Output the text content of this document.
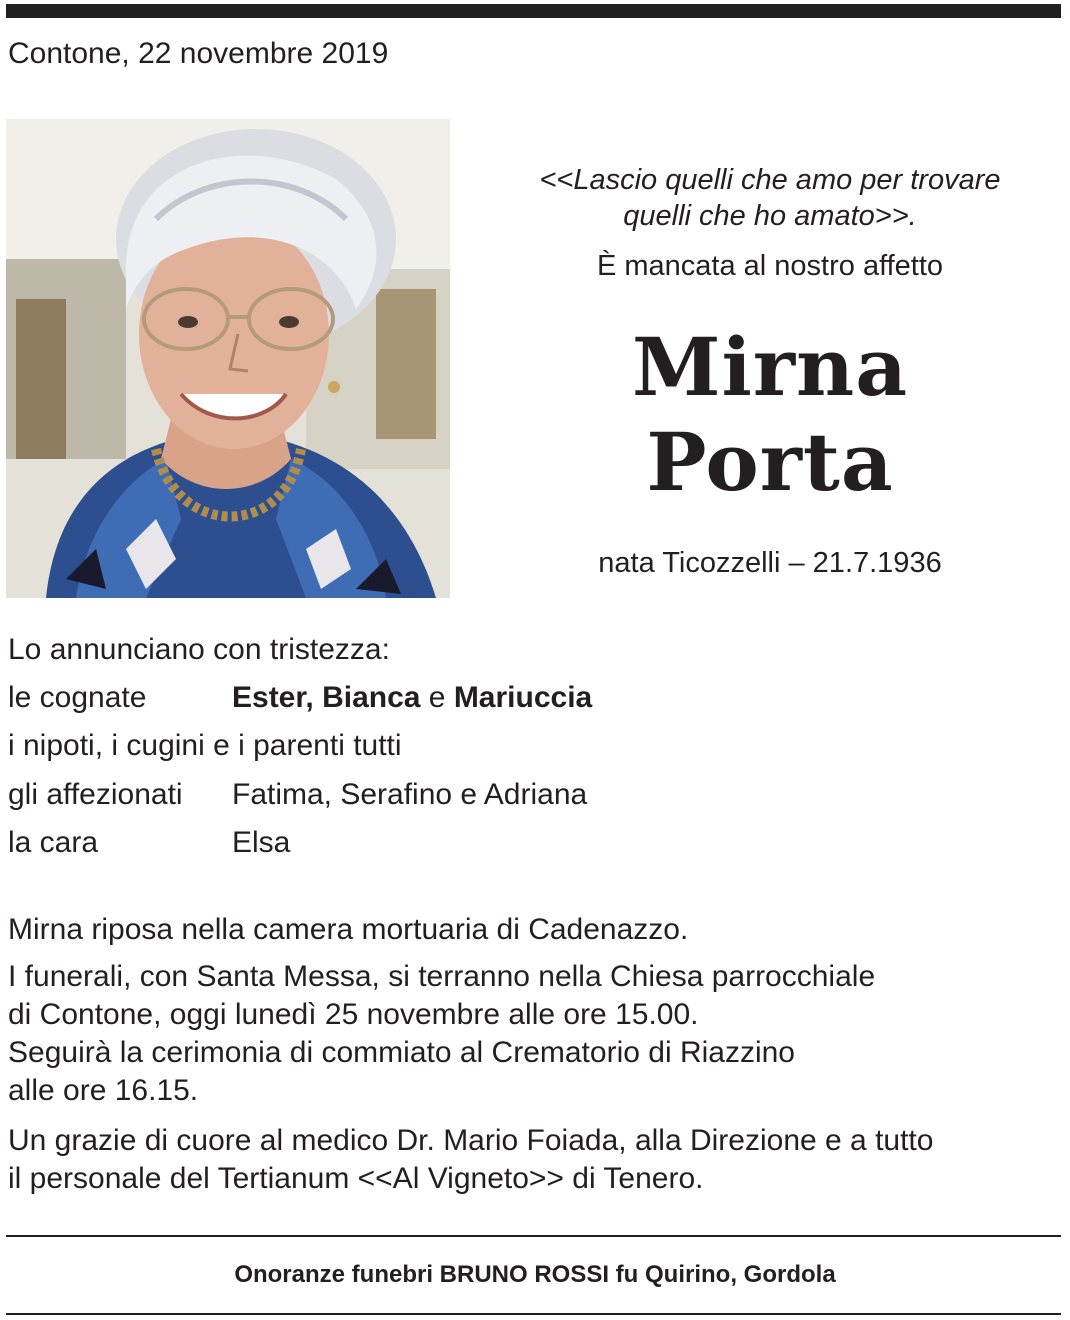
Contone, 22 novembre 2019
<<Lascio quelli che amo per trovare
quelli che ho amato>>.
È mancata al nostro affetto
Mirna
Porta
nata Ticozzelli – 21.7.1936
Lo annunciano con tristezza:
le cognate	Ester, Bianca e Mariuccia
i nipoti, i cugini e i parenti tutti
gli affezionati Fatima, Serafino e Adriana
la cara	Elsa
Mirna riposa nella camera mortuaria di Cadenazzo.
I funerali, con Santa Messa, si terranno nella Chiesa parrocchiale
di Contone, oggi lunedì 25 novembre alle ore 15.00.
Seguirà la cerimonia di commiato al Crematorio di Riazzino
alle ore 16.15.
Un grazie di cuore al medico Dr. Mario Foiada, alla Direzione e a tutto
il personale del Tertianum <<Al Vigneto>> di Tenero.
Onoranze funebri BRUNO ROSSI fu Quirino, Gordola
